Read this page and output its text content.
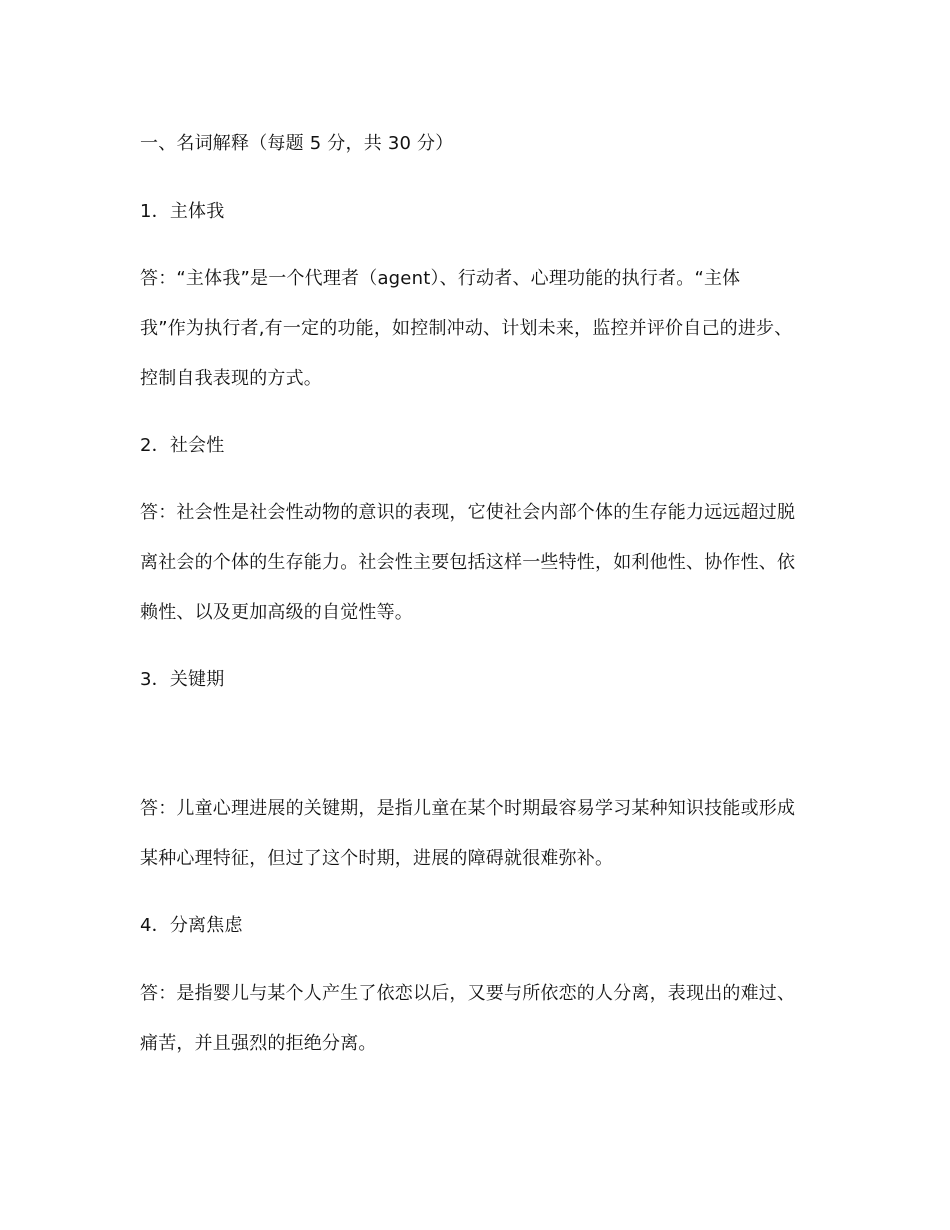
一、名词解释（每题 5 分，共 30 分）
1．主体我
答：“主体我”是一个代理者（agent）、行动者、心理功能的执行者。“主体
我”作为执行者,有一定的功能，如控制冲动、计划未来，监控并评价自己的进步、
控制自我表现的方式。
2．社会性
答：社会性是社会性动物的意识的表现，它使社会内部个体的生存能力远远超过脱
离社会的个体的生存能力。社会性主要包括这样一些特性，如利他性、协作性、依
赖性、以及更加高级的自觉性等。
3．关键期
答：儿童心理进展的关键期，是指儿童在某个时期最容易学习某种知识技能或形成
某种心理特征，但过了这个时期，进展的障碍就很难弥补。
4．分离焦虑
答：是指婴儿与某个人产生了依恋以后，又要与所依恋的人分离，表现出的难过、
痛苦，并且强烈的拒绝分离。
